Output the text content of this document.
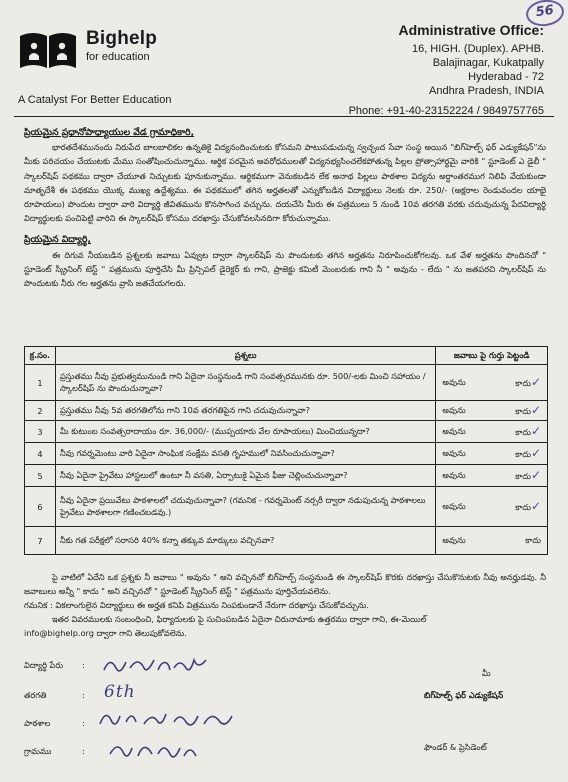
56
Bighelp
for education
A Catalyst For Better Education
Administrative Office:
16, HIGH. (Duplex). APHB.
Balajinagar, Kukatpally
Hyderabad - 72
Andhra Pradesh, INDIA
Phone: +91-40-23152224 / 9849757765
ప్రియమైన ప్రధానోపాధ్యాయుల వేడ గ్రామాధికారి,
భారతదేశమునందు నిరుపేద బాలబాలికల ఉన్నతికై విద్యనందించుటకు కోసమని పాటుపడుచున్న స్వచ్ఛంద సేవా సంస్థ అయిన "బిగ్‌హెల్ప్ ఫర్ ఎడ్యుకేషన్"ను మీకు పరిచయం చేయుటకు మేము సంతోషించుచున్నాము. ఆర్థిక పరమైన అవరోధములతో విద్యనభ్యసించలేకపోతున్న పిల్లల ప్రోత్సాహార్థమై వారికి " స్టూడెంట్ ఎ డైలీ " స్కాలర్‌షిప్ పథకము ద్వారా చేయూత నిచ్చుటకు పూనుకున్నాము. ఆర్థికముగా వెనుకబడిన లేక అనాథ పిల్లలు పాఠశాల విద్యను అర్ధాంతరముగ నిలిపి వేయకుండా మాతృదేశీ ఈ పథకము యొక్క ముఖ్య ఉద్దేశ్యము. ఈ పథకములో తగిన అర్హతలతో ఎన్నుకోబడిన విద్యార్థులు నెలకు రూ. 250/- (అక్షరాల రెండువందల యాభై రూపాయలు) పొందుట ద్వారా వారి విద్యార్థి జీవితమును కొనసాగించ వచ్చును. దయచేసి మీరు ఈ పత్రములు 5 నుండి 10వ తరగతి వరకు చదువుచున్న పేదవిద్యార్థి విద్యార్థులకు పంచిపెట్టి వారిని ఈ స్కాలర్‌షిప్ కోసము దరఖాస్తు చేసుకోవలసినదిగా కోరుచున్నాము.
ప్రియమైన విద్యార్థి,
ఈ దిగువ నీయబడిన ప్రశ్నలకు జవాబు ఏవ్వుట ద్వారా స్కాలర్‌షిప్ ను పొందుటకు తగిన అర్హతను నిరూపించుకోగలవు. ఒక వేళ అర్హతను పొందినచో " స్టూడెంట్ స్క్రీనింగ్ టెస్ట్ " పత్రమును పూర్తిచేసి మీ ప్రిన్సిపల్ డైరెక్టర్ కు గాని, ప్రాజెక్టు కమిటీ మెంబరుకు గాని నీ " అవును - లేదు " ను జతపరచి స్కాలర్‌షిప్ ను పొందుటకు నీరు గల అర్హతను వ్రాసి జతచేయగలరు.
క్ర.సం.	ప్రశ్నలు	జవాబు పై గుర్తు పెట్టండి
1	ప్రస్తుతము నీవు ప్రభుత్వమునుండి గాని ఏదైనా సంస్థనుండి గాని సంవత్సరమునకు రూ. 500/-లకు మించి సహాయం / స్కాలర్‌షిప్ ను పొందుచున్నావా?	అవును కాదు✓

2	ప్రస్తుతము నీవు 5వ తరగతిలోను గాని 10వ తరగతిపైన గాని చదువుచున్నావా?	అవును కాదు✓

3	మీ కుటుంబ సంవత్సరాదాయం రూ. 36,000/- (ముప్పయారు వేల రూపాయలు) మించియున్నదా?	అవును కాదు✓

4	నీవు గవర్నమెంటు వారి ఏదైనా సాంఘిక సంక్షేమ వసతి గృహములో నివసించుచున్నావా?	అవును కాదు✓

5	నీవు ఏదైనా ప్రైవేటు హాస్టలులో ఉంటూ నీ వసతి, ఏర్పాటుకై ఏమైన ఫీజు చెల్లించుచున్నావా?	అవును కాదు✓

6	నీవు ఏదైనా ప్రయివేటు పాఠశాలలో చదువుచున్నావా? (గమనిక - గవర్నమెంట్ నర్సరీ ద్వారా నడుపుచున్న పాఠశాలలు ప్రైవేటు పాఠశాలగా గణించబడవు.)	అవును కాదు✓

7	నీకు గత పరీక్షలో సరాసరి 40% కన్నా తక్కువ మార్కులు వచ్చినవా?	అవును కాదు
పై వాటిలో ఏదేని ఒక ప్రశ్నకు నీ జవాబు " అవును " అని వచ్చినచో బిగ్‌హెల్ప్ సంస్థనుండి ఈ స్కాలర్‌షిప్ కొరకు దరఖాస్తు చేసుకొనుటకు నీవు అనర్హుడవు. నీ జవాబులు అన్నీ " కాదు " అని వచ్చినచో " స్టూడెంట్ స్క్రీనింగ్ టెస్ట్ " పత్రమును పూర్తిచేయవలెను.
గమనిక : వికలాంగులైన విద్యార్థులు ఈ అర్హత కనిపి విత్రమును నింపకుండానే నేరుగా దరఖాస్తు చేసుకోవచ్చును.
ఇతర వివరములకు సంబంధించి, ఫిర్యాదులకు పై సుచింపబడిన ఏదైనా చిరునామాకు ఉత్తరము ద్వారా గాని, ఈ-మెయిల్
info@bighelp.org ద్వారా గాని తెలుపుకోవలెను.
విద్యార్థి పేరు :
తరగతి	: 6th
పాఠశాల	:
గ్రామము	:
మీ
బిగ్‌హెల్ప్ ఫర్ ఎడ్యుకేషన్
ఫౌండర్ & ప్రెసిడెంట్
